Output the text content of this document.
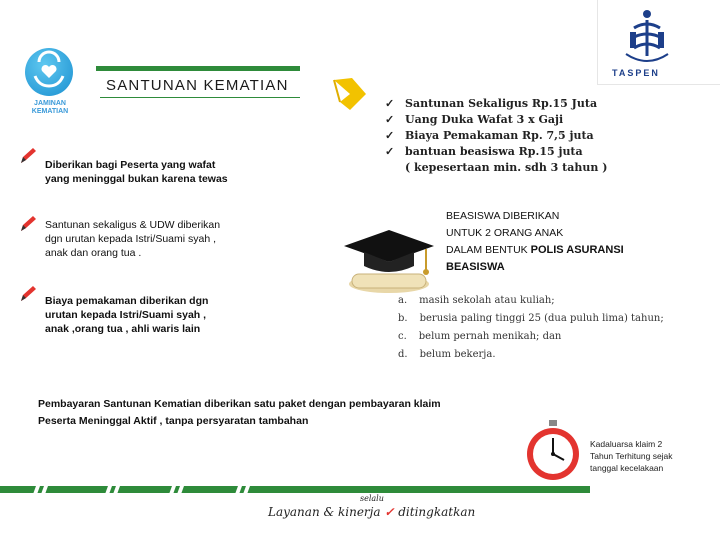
JAMINAN
KEMATIAN
SANTUNAN KEMATIAN
TASPEN
Diberikan bagi Peserta yang wafat
yang meninggal bukan karena tewas
Santunan sekaligus & UDW diberikan
dgn urutan kepada Istri/Suami syah ,
anak dan orang tua .
Biaya pemakaman diberikan dgn
urutan kepada Istri/Suami syah ,
anak ,orang tua , ahli waris lain
✓ Santunan Sekaligus Rp.15 Juta
✓ Uang Duka Wafat 3 x Gaji
✓ Biaya Pemakaman Rp. 7,5 juta
✓ bantuan beasiswa Rp.15 juta
( kepesertaan min. sdh 3 tahun )
BEASISWA DIBERIKAN
UNTUK 2 ORANG ANAK
DALAM BENTUK POLIS ASURANSI
BEASISWA
a. masih sekolah atau kuliah;
b. berusia paling tinggi 25 (dua puluh lima) tahun;
c. belum pernah menikah; dan
d. belum bekerja.
Pembayaran Santunan Kematian diberikan satu paket dengan pembayaran klaim
Peserta Meninggal Aktif , tanpa persyaratan tambahan
Kadaluarsa klaim 2
Tahun Terhitung sejak
tanggal kecelakaan
selalu
Layanan & kinerja ✓ ditingkatkan
